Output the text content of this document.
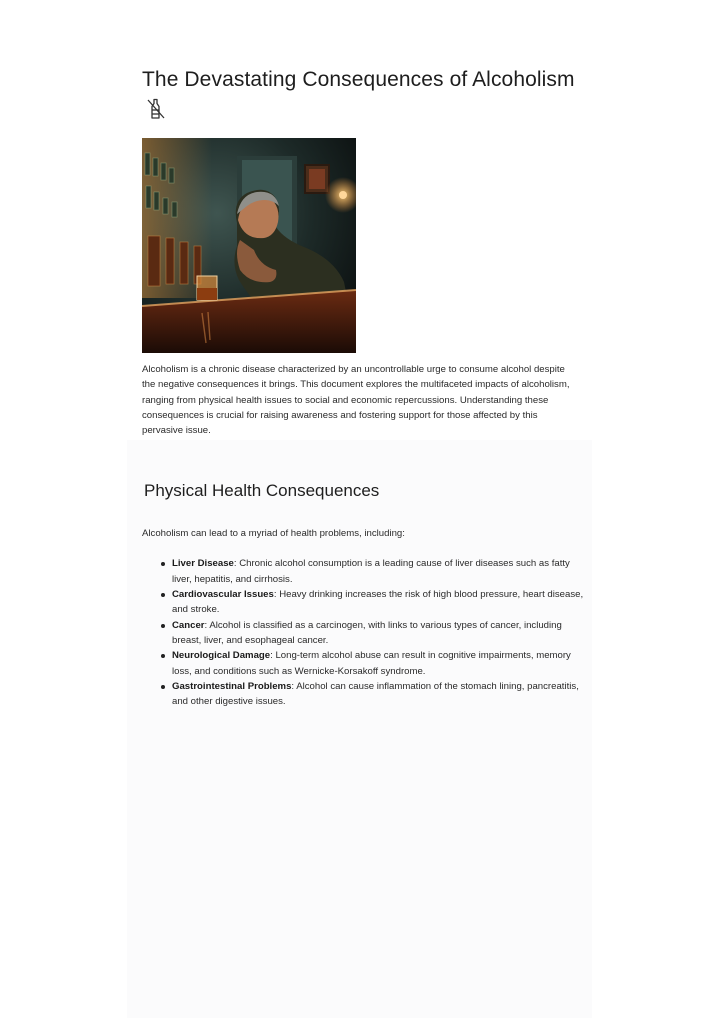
The Devastating Consequences of Alcoholism

Alcoholism is a chronic disease characterized by an uncontrollable urge to consume alcohol despite the negative consequences it brings. This document explores the multifaceted impacts of alcoholism, ranging from physical health issues to social and economic repercussions. Understanding these consequences is crucial for raising awareness and fostering support for those affected by this pervasive issue.

Physical Health Consequences

Alcoholism can lead to a myriad of health problems, including:

Liver Disease: Chronic alcohol consumption is a leading cause of liver diseases such as fatty liver, hepatitis, and cirrhosis.
Cardiovascular Issues: Heavy drinking increases the risk of high blood pressure, heart disease, and stroke.
Cancer: Alcohol is classified as a carcinogen, with links to various types of cancer, including breast, liver, and esophageal cancer.
Neurological Damage: Long-term alcohol abuse can result in cognitive impairments, memory loss, and conditions such as Wernicke-Korsakoff syndrome.
Gastrointestinal Problems: Alcohol can cause inflammation of the stomach lining, pancreatitis, and other digestive issues.
